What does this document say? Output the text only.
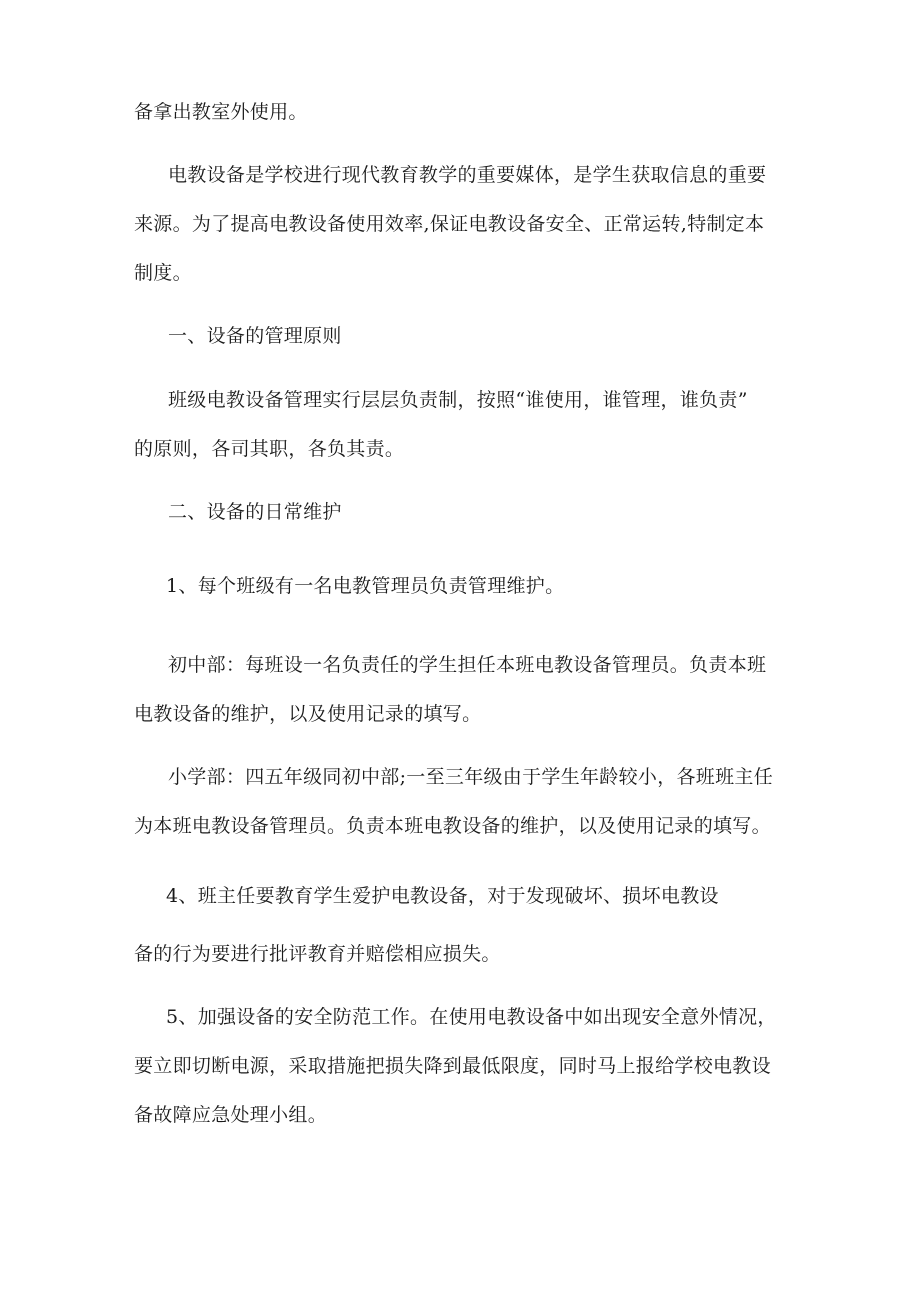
备拿出教室外使用。
电教设备是学校进行现代教育教学的重要媒体，是学生获取信息的重要
来源。为了提高电教设备使用效率,保证电教设备安全、正常运转,特制定本
制度。
一、设备的管理原则
班级电教设备管理实行层层负责制，按照“谁使用，谁管理，谁负责”
的原则，各司其职，各负其责。
二、设备的日常维护
1、每个班级有一名电教管理员负责管理维护。
初中部：每班设一名负责任的学生担任本班电教设备管理员。负责本班
电教设备的维护，以及使用记录的填写。
小学部：四五年级同初中部;一至三年级由于学生年龄较小，各班班主任
为本班电教设备管理员。负责本班电教设备的维护，以及使用记录的填写。
4、班主任要教育学生爱护电教设备，对于发现破坏、损坏电教设
备的行为要进行批评教育并赔偿相应损失。
5、加强设备的安全防范工作。在使用电教设备中如出现安全意外情况，
要立即切断电源，采取措施把损失降到最低限度，同时马上报给学校电教设
备故障应急处理小组。
